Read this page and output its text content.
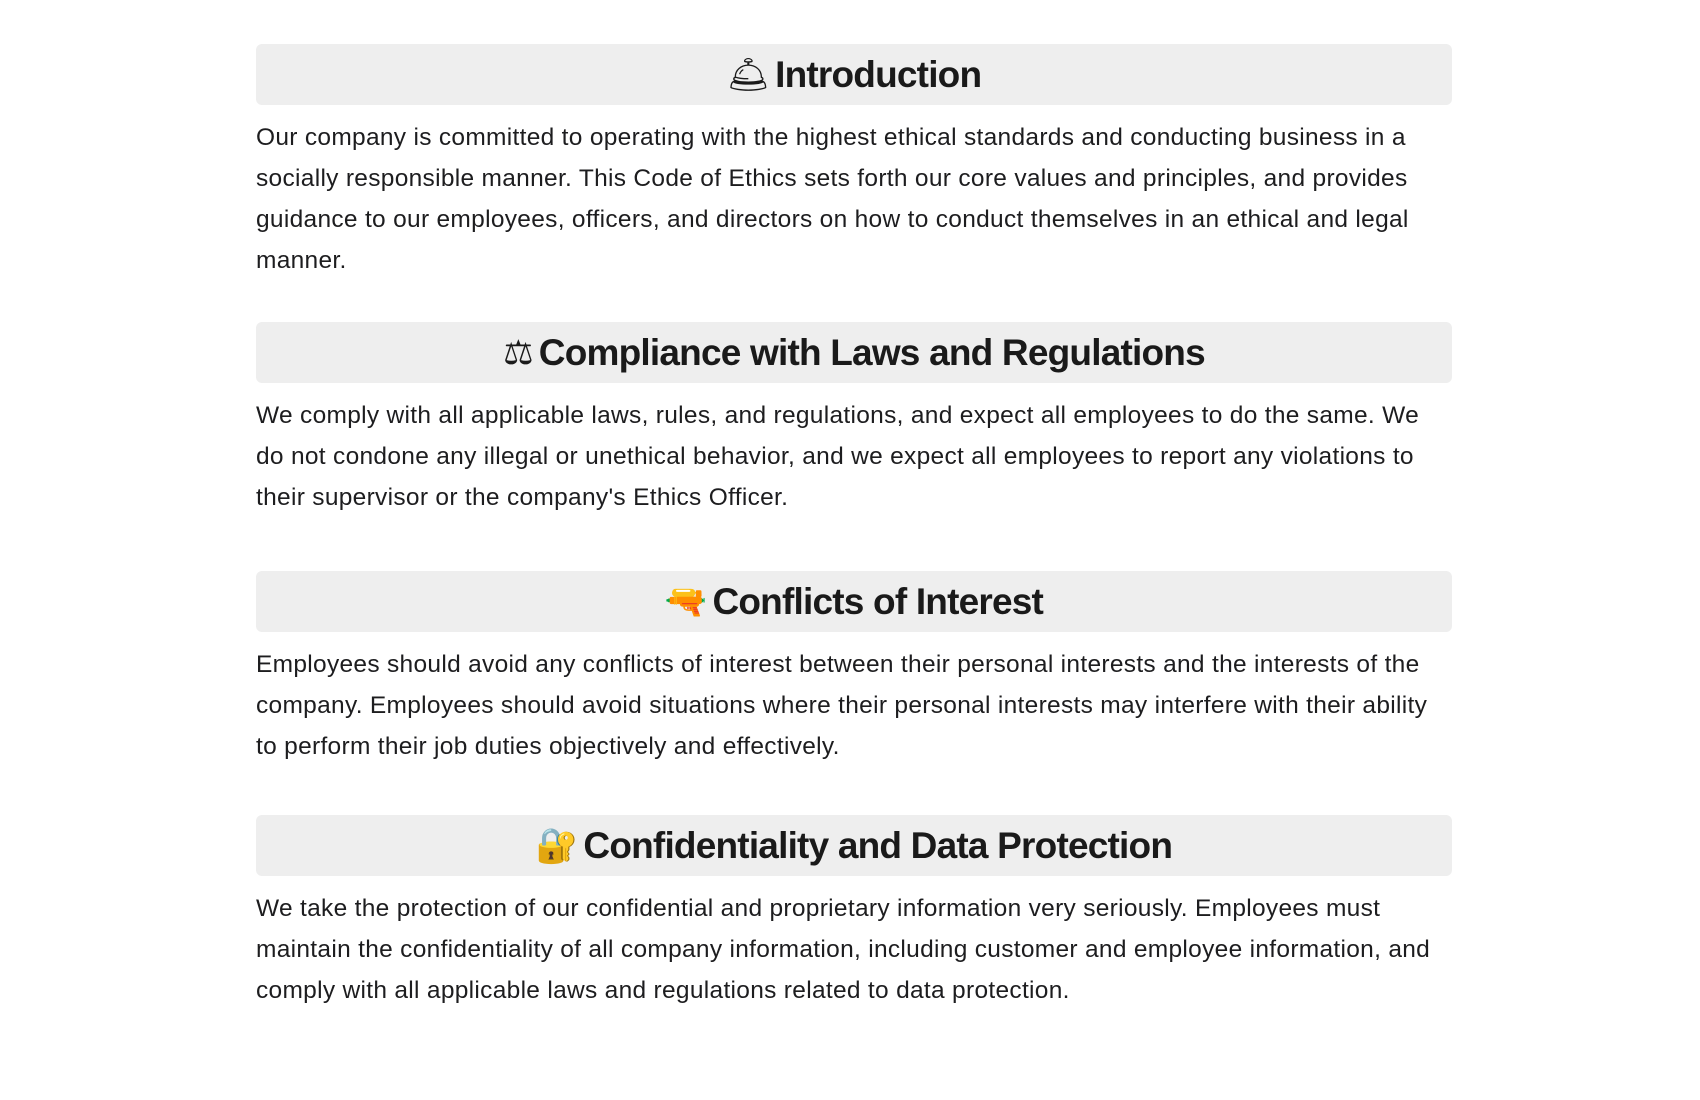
🛎 Introduction

Our company is committed to operating with the highest ethical standards and conducting business in a socially responsible manner. This Code of Ethics sets forth our core values and principles, and provides guidance to our employees, officers, and directors on how to conduct themselves in an ethical and legal manner.

⚖ Compliance with Laws and Regulations

We comply with all applicable laws, rules, and regulations, and expect all employees to do the same. We do not condone any illegal or unethical behavior, and we expect all employees to report any violations to their supervisor or the company's Ethics Officer.

🔫 Conflicts of Interest

Employees should avoid any conflicts of interest between their personal interests and the interests of the company. Employees should avoid situations where their personal interests may interfere with their ability to perform their job duties objectively and effectively.

🔐 Confidentiality and Data Protection

We take the protection of our confidential and proprietary information very seriously. Employees must maintain the confidentiality of all company information, including customer and employee information, and comply with all applicable laws and regulations related to data protection.
